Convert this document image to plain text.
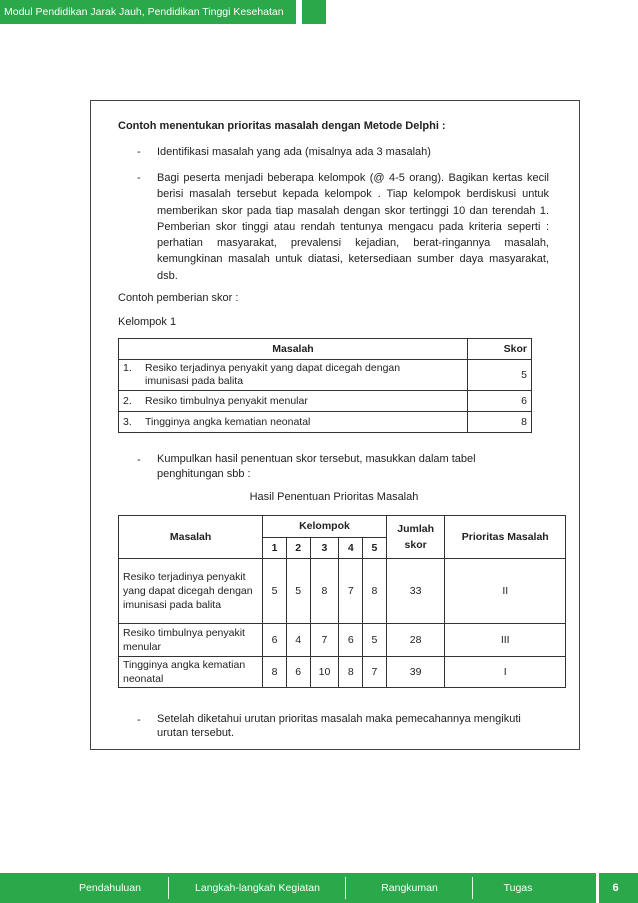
Modul Pendidikan Jarak Jauh, Pendidikan Tinggi Kesehatan
Contoh menentukan prioritas masalah dengan Metode Delphi :
- Identifikasi masalah yang ada (misalnya ada 3 masalah)
- Bagi peserta menjadi beberapa kelompok (@ 4-5 orang). Bagikan kertas kecil berisi masalah tersebut kepada kelompok . Tiap kelompok berdiskusi untuk memberikan skor pada tiap masalah dengan skor tertinggi 10 dan terendah 1. Pemberian skor tinggi atau rendah tentunya mengacu pada kriteria seperti : perhatian masyarakat, prevalensi kejadian, berat-ringannya masalah, kemungkinan masalah untuk diatasi, ketersediaan sumber daya masyarakat, dsb.
Contoh pemberian skor :
Kelompok 1
Masalah	Skor

1. Resiko terjadinya penyakit yang dapat dicegah dengan imunisasi pada balita	5
2. Resiko timbulnya penyakit menular	6
3. Tingginya angka kematian neonatal	8
- Kumpulkan hasil penentuan skor tersebut, masukkan dalam tabel penghitungan sbb :
Hasil Penentuan Prioritas Masalah
Masalah	Kelompok					Jumlah skor	Prioritas Masalah
	1	2	3	4	5		
Resiko terjadinya penyakit yang dapat dicegah dengan imunisasi pada balita	5	5	8	7	8	33	II
Resiko timbulnya penyakit menular	6	4	7	6	5	28	III
Tingginya angka kematian neonatal	8	6	10	8	7	39	I
- Setelah diketahui urutan prioritas masalah maka pemecahannya mengikuti urutan tersebut.
Pendahuluan	Langkah-langkah Kegiatan	Rangkuman	Tugas	6
